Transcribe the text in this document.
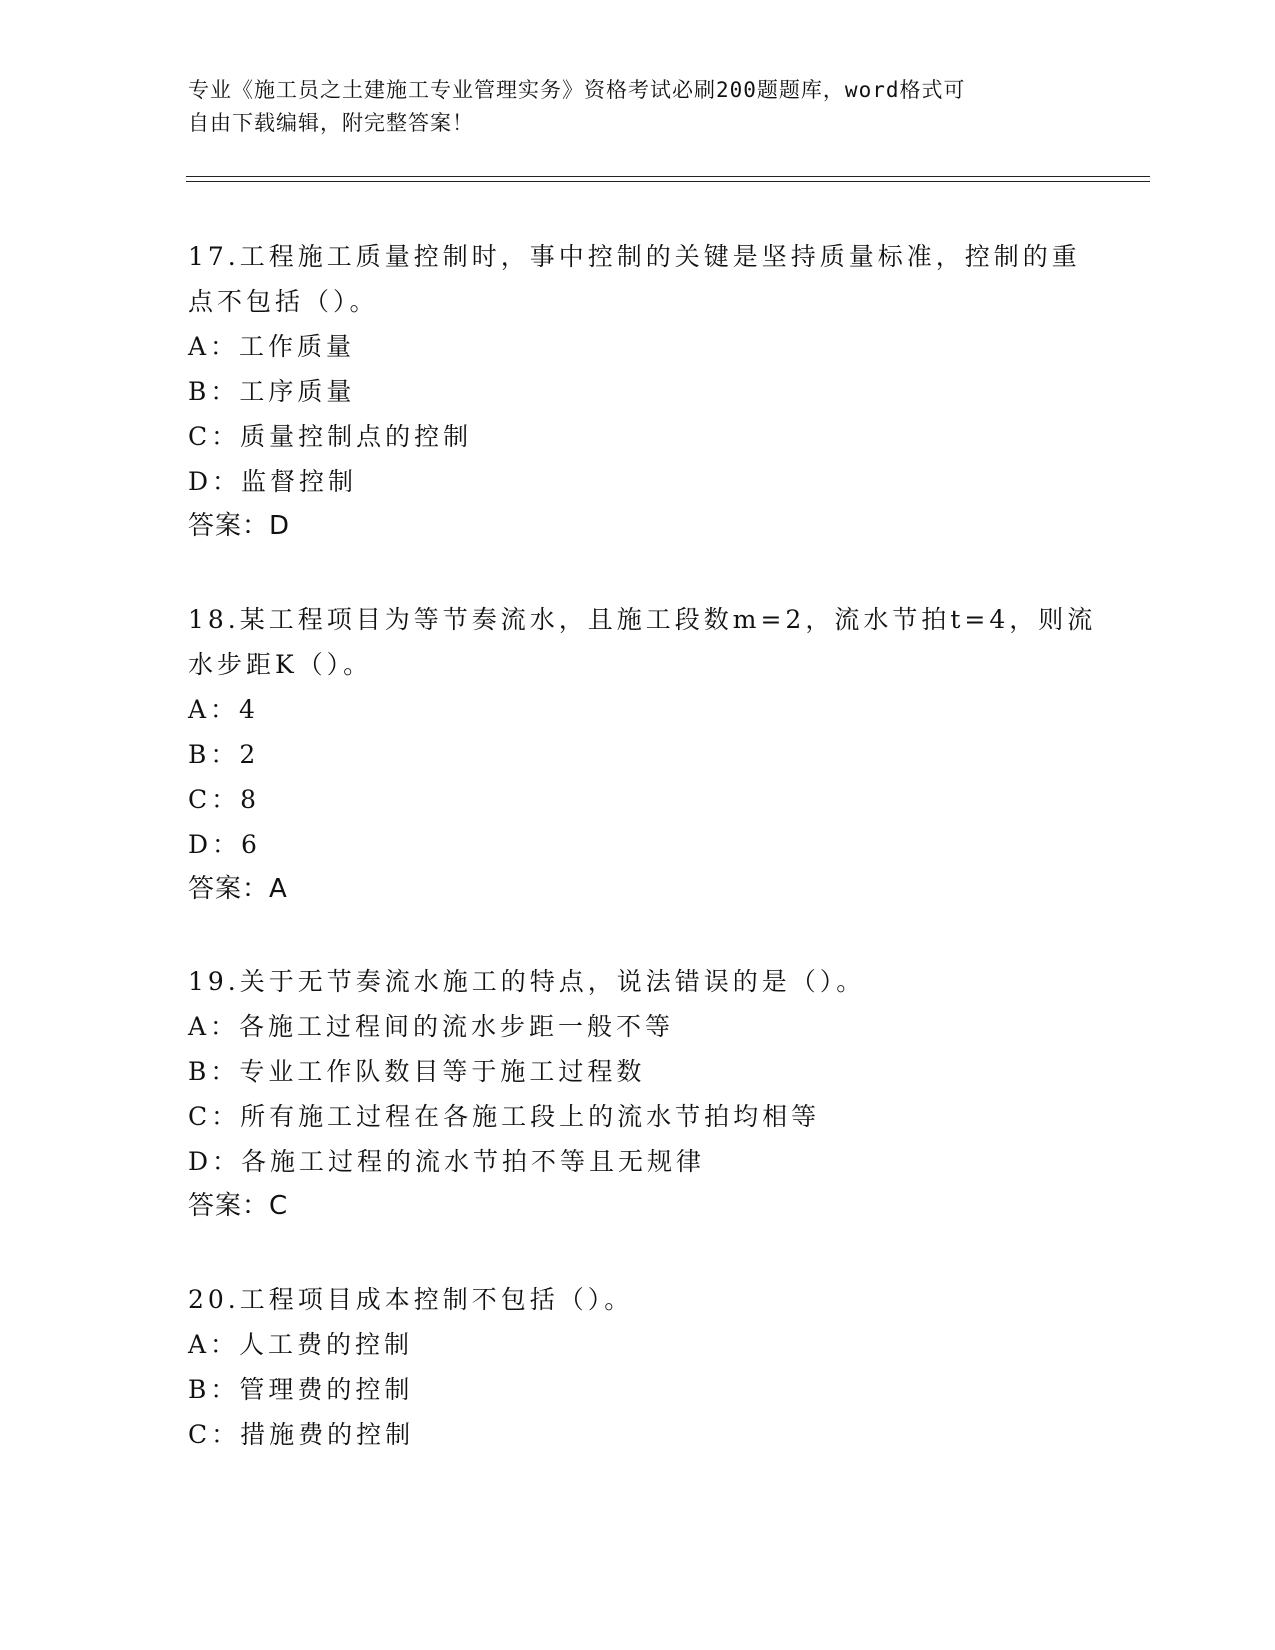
专业《施工员之土建施工专业管理实务》资格考试必刷200题题库，word格式可
自由下载编辑，附完整答案！
17.工程施工质量控制时，事中控制的关键是坚持质量标准，控制的重
点不包括（）。
A：工作质量
B：工序质量
C：质量控制点的控制
D：监督控制
答案：D
18.某工程项目为等节奏流水，且施工段数m=2，流水节拍t=4，则流
水步距K（）。
A：4
B：2
C：8
D：6
答案：A
19.关于无节奏流水施工的特点，说法错误的是（）。
A：各施工过程间的流水步距一般不等
B：专业工作队数目等于施工过程数
C：所有施工过程在各施工段上的流水节拍均相等
D：各施工过程的流水节拍不等且无规律
答案：C
20.工程项目成本控制不包括（）。
A：人工费的控制
B：管理费的控制
C：措施费的控制
